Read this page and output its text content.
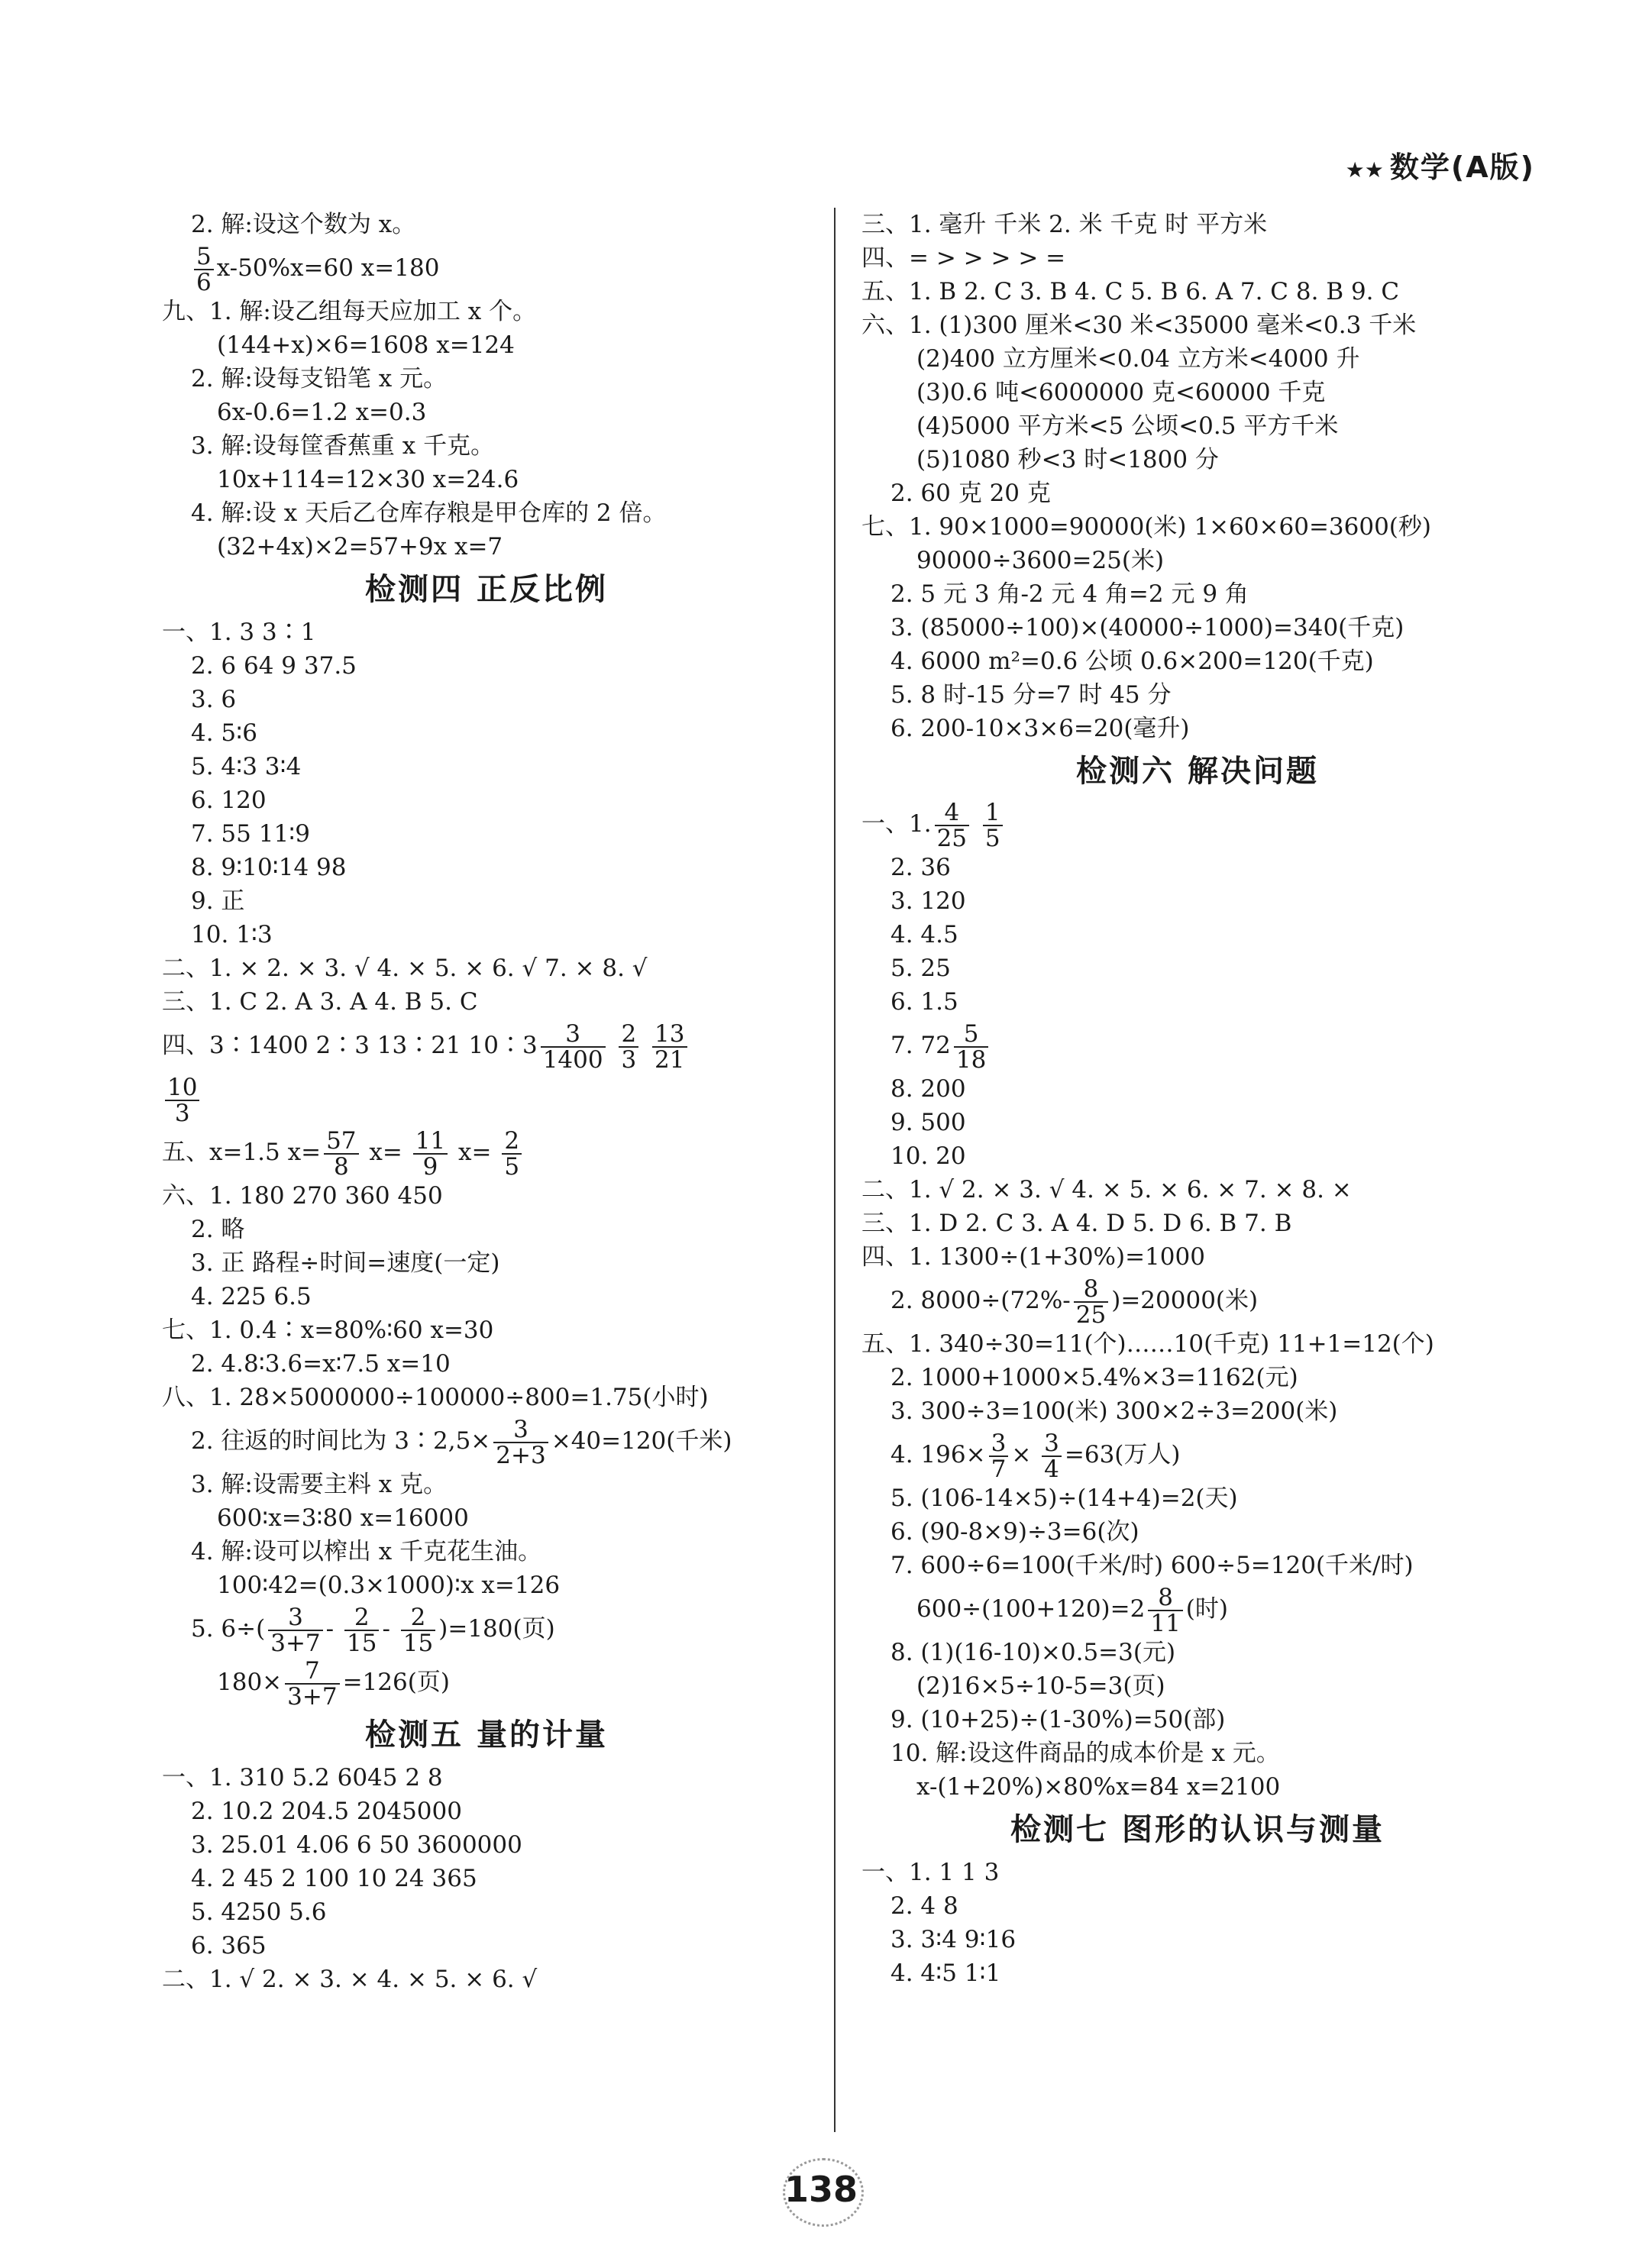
★★ 数学(A版)
2. 解:设这个数为 x。
$\frac{5}{6} x-50\%x=60$ x=180
九、1. 解:设乙组每天应加工 x 个。
(144+x)×6=1608 x=124
2. 解:设每支铅笔 x 元。
6x-0.6=1.2 x=0.3
3. 解:设每筐香蕉重 x 千克。
10x+114=12×30 x=24.6
4. 解:设 x 天后乙仓库存粮是甲仓库的 2 倍。
(32+4x)×2=57+9x x=7
检测四 正反比例
一、1. 3 3∶1
2. 6 64 9 37.5
3. 6
4. 5∶6
5. 4∶3 3∶4
6. 120
7. 55 11∶9
8. 9∶10∶14 98
9. 正
10. 1∶3
二、1. × 2. × 3. √ 4. × 5. × 6. √ 7. × 8. √
三、1. C 2. A 3. A 4. B 5. C
四、3∶1400 2∶3 13∶21 10∶3 $\frac{3}{1400}$
$\frac{2}{3}$
$\frac{13}{21}$
$\frac{10}{3}$
五、x=1.5 $x= \frac{57}{8} x= \frac{11}{9} x= \frac{2}{5}$
六、1. 180 270 360 450
2. 略
3. 正 路程÷时间=速度(一定)
4. 225 6.5
七、1. 0.4∶x=80%∶60 x=30
2. 4.8∶3.6=x∶7.5 x=10
八、1. 28×5000000÷100000÷800=1.75(小时)
2. 往返的时间比为 3∶2,5× $\frac{3}{2+3} \times 40=120$(千米)
3. 解:设需要主料 x 克。
600∶x=3∶80 x=16000
4. 解:设可以榨出 x 千克花生油。
100∶42=(0.3×1000)∶x x=126
5. $6\div( \frac{3}{3+7} - \frac{2}{15} - \frac{2}{15} )=180$(页)
$180\times \frac{7}{3+7} =126$(页)
检测五 量的计量
一、1. 310 5.2 6045 2 8
2. 10.2 204.5 2045000
3. 25.01 4.06 6 50 3600000
4. 2 45 2 100 10 24 365
5. 4250 5.6
6. 365
二、1. √ 2. × 3. × 4. × 5. × 6. √
三、1. 毫升 千米 2. 米 千克 时 平方米
四、= > > > > =
五、1. B 2. C 3. B 4. C 5. B 6. A 7. C 8. B 9. C
六、1. (1)300 厘米<30 米<35000 毫米<0.3 千米
(2)400 立方厘米<0.04 立方米<4000 升
(3)0.6 吨<6000000 克<60000 千克
(4)5000 平方米<5 公顷<0.5 平方千米
(5)1080 秒<3 时<1800 分
2. 60 克 20 克
七、1. 90×1000=90000(米) 1×60×60=3600(秒)
90000÷3600=25(米)
2. 5 元 3 角-2 元 4 角=2 元 9 角
3. (85000÷100)×(40000÷1000)=340(千克)
4. 6000 m²=0.6 公顷 0.6×200=120(千克)
5. 8 时-15 分=7 时 45 分
6. 200-10×3×6=20(毫升)
检测六 解决问题
一、1. $\frac{4}{25}$
$\frac{1}{5}$
2. 36
3. 120
4. 4.5
5. 25
6. 1.5
7. $72 \frac{5}{18}$
8. 200
9. 500
10. 20
二、1. √ 2. × 3. √ 4. × 5. × 6. × 7. × 8. ×
三、1. D 2. C 3. A 4. D 5. D 6. B 7. B
四、1. 1300÷(1+30%)=1000
2. $8000\div(72\%- \frac{8}{25} )=20000$(米)
五、1. 340÷30=11(个)……10(千克) 11+1=12(个)
2. 1000+1000×5.4%×3=1162(元)
3. 300÷3=100(米) 300×2÷3=200(米)
4. $196\times \frac{3}{7} \times \frac{3}{4} =63$(万人)
5. (106-14×5)÷(14+4)=2(天)
6. (90-8×9)÷3=6(次)
7. 600÷6=100(千米/时) 600÷5=120(千米/时)
$600\div(100+120)=2 \frac{8}{11}$ (时)
8. (1)(16-10)×0.5=3(元)
(2)16×5÷10-5=3(页)
9. (10+25)÷(1-30%)=50(部)
10. 解:设这件商品的成本价是 x 元。
x-(1+20%)×80%x=84 x=2100
检测七 图形的认识与测量
一、1. 1 1 3
2. 4 8
3. 3∶4 9∶16
4. 4∶5 1∶1
138
